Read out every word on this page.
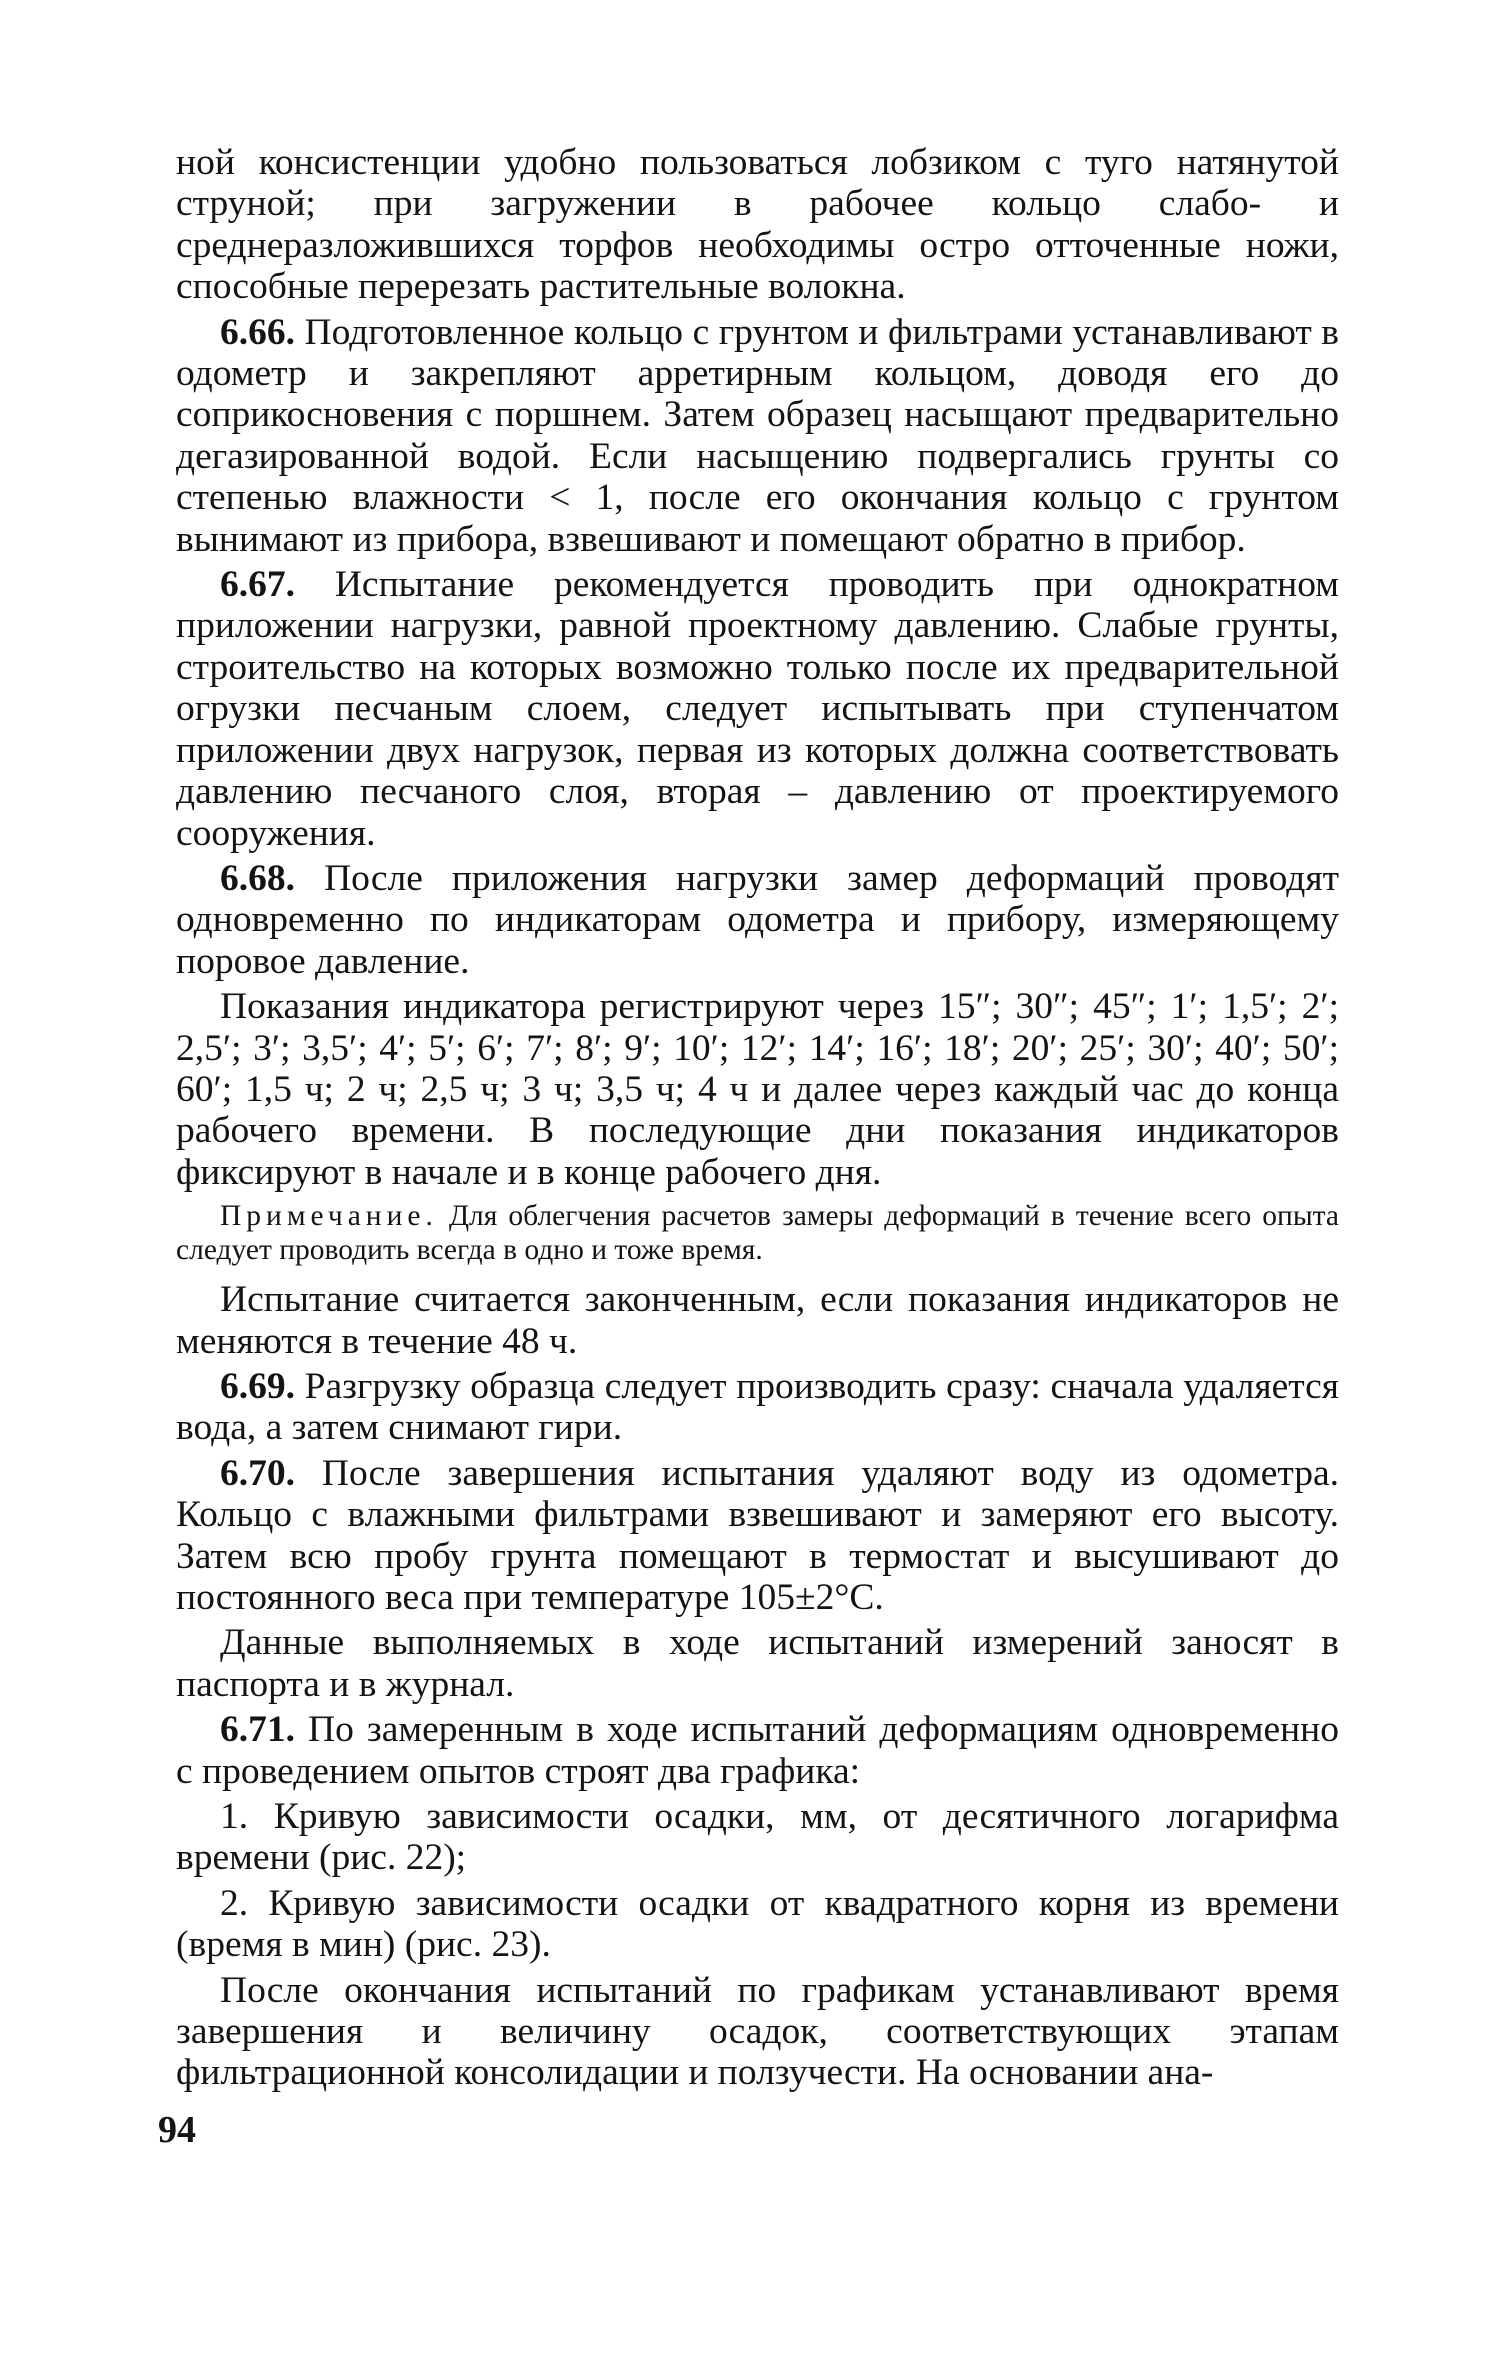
ной консистенции удобно пользоваться лобзиком с туго натянутой струной; при загружении в рабочее кольцо слабо- и среднеразложившихся торфов необходимы остро отточенные ножи, способные перерезать растительные волокна.

6.66. Подготовленное кольцо с грунтом и фильтрами устанавливают в одометр и закрепляют арретирным кольцом, доводя его до соприкосновения с поршнем. Затем образец насыщают предварительно дегазированной водой. Если насыщению подвергались грунты со степенью влажности < 1, после его окончания кольцо с грунтом вынимают из прибора, взвешивают и помещают обратно в прибор.

6.67. Испытание рекомендуется проводить при однократном приложении нагрузки, равной проектному давлению. Слабые грунты, строительство на которых возможно только после их предварительной огрузки песчаным слоем, следует испытывать при ступенчатом приложении двух нагрузок, первая из которых должна соответствовать давлению песчаного слоя, вторая – давлению от проектируемого сооружения.

6.68. После приложения нагрузки замер деформаций проводят одновременно по индикаторам одометра и прибору, измеряющему поровое давление.

Показания индикатора регистрируют через 15″; 30″; 45″; 1′; 1,5′; 2′; 2,5′; 3′; 3,5′; 4′; 5′; 6′; 7′; 8′; 9′; 10′; 12′; 14′; 16′; 18′; 20′; 25′; 30′; 40′; 50′; 60′; 1,5 ч; 2 ч; 2,5 ч; 3 ч; 3,5 ч; 4 ч и далее через каждый час до конца рабочего времени. В последующие дни показания индикаторов фиксируют в начале и в конце рабочего дня.

Примечание. Для облегчения расчетов замеры деформаций в течение всего опыта следует проводить всегда в одно и тоже время.

Испытание считается законченным, если показания индикаторов не меняются в течение 48 ч.

6.69. Разгрузку образца следует производить сразу: сначала удаляется вода, а затем снимают гири.

6.70. После завершения испытания удаляют воду из одометра. Кольцо с влажными фильтрами взвешивают и замеряют его высоту. Затем всю пробу грунта помещают в термостат и высушивают до постоянного веса при температуре 105±2°С.

Данные выполняемых в ходе испытаний измерений заносят в паспорта и в журнал.

6.71. По замеренным в ходе испытаний деформациям одновременно с проведением опытов строят два графика:

1. Кривую зависимости осадки, мм, от десятичного логарифма времени (рис. 22);

2. Кривую зависимости осадки от квадратного корня из времени (время в мин) (рис. 23).

После окончания испытаний по графикам устанавливают время завершения и величину осадок, соответствующих этапам фильтрационной консолидации и ползучести. На основании ана-

94
